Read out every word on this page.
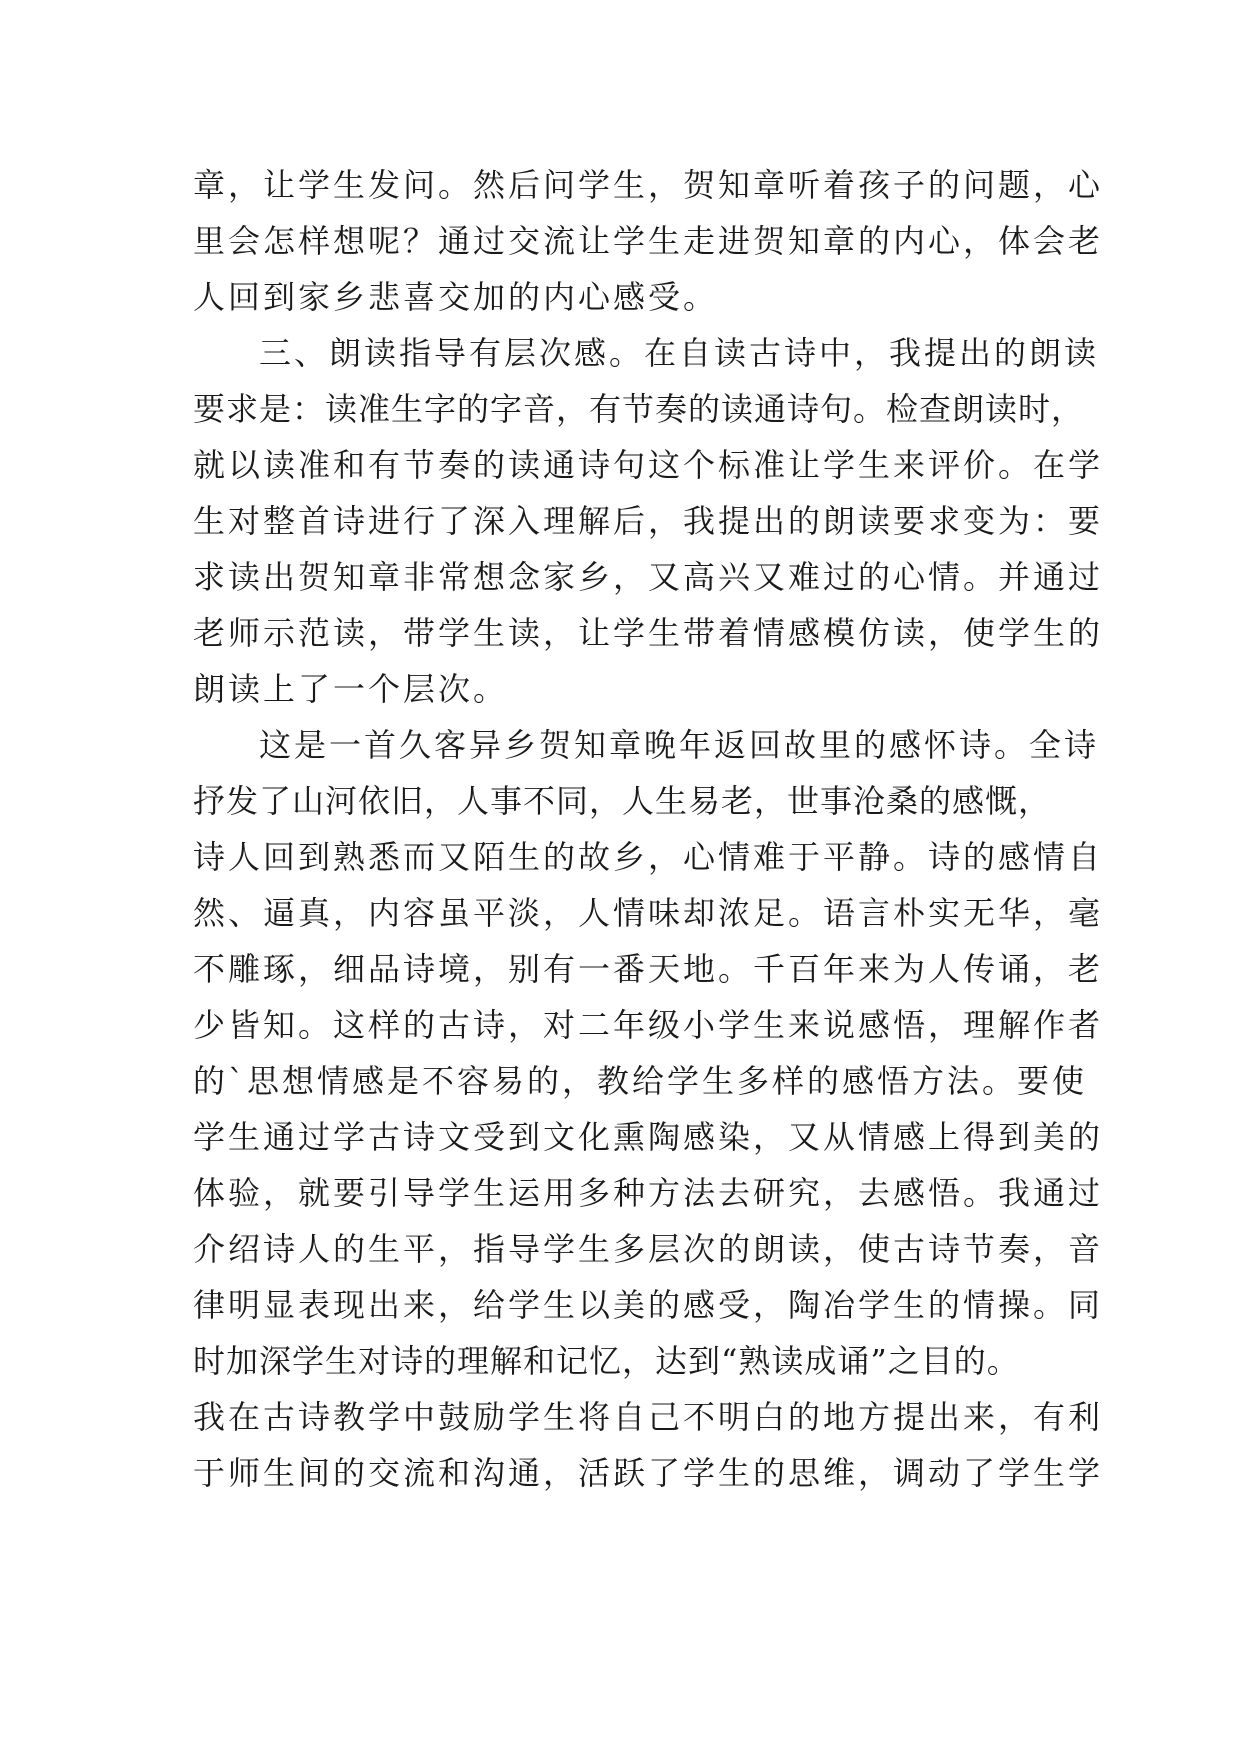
章，让学生发问。然后问学生，贺知章听着孩子的问题，心
里会怎样想呢？通过交流让学生走进贺知章的内心，体会老
人回到家乡悲喜交加的内心感受。
三、朗读指导有层次感。在自读古诗中，我提出的朗读
要求是：读准生字的字音，有节奏的读通诗句。检查朗读时，
就以读准和有节奏的读通诗句这个标准让学生来评价。在学
生对整首诗进行了深入理解后，我提出的朗读要求变为：要
求读出贺知章非常想念家乡，又高兴又难过的心情。并通过
老师示范读，带学生读，让学生带着情感模仿读，使学生的
朗读上了一个层次。
这是一首久客异乡贺知章晚年返回故里的感怀诗。全诗
抒发了山河依旧，人事不同，人生易老，世事沧桑的感慨，
诗人回到熟悉而又陌生的故乡，心情难于平静。诗的感情自
然、逼真，内容虽平淡，人情味却浓足。语言朴实无华，毫
不雕琢，细品诗境，别有一番天地。千百年来为人传诵，老
少皆知。这样的古诗，对二年级小学生来说感悟，理解作者
的`思想情感是不容易的，教给学生多样的感悟方法。要使
学生通过学古诗文受到文化熏陶感染，又从情感上得到美的
体验，就要引导学生运用多种方法去研究，去感悟。我通过
介绍诗人的生平，指导学生多层次的朗读，使古诗节奏，音
律明显表现出来，给学生以美的感受，陶冶学生的情操。同
时加深学生对诗的理解和记忆，达到“熟读成诵”之目的。
我在古诗教学中鼓励学生将自己不明白的地方提出来，有利
于师生间的交流和沟通，活跃了学生的思维，调动了学生学
